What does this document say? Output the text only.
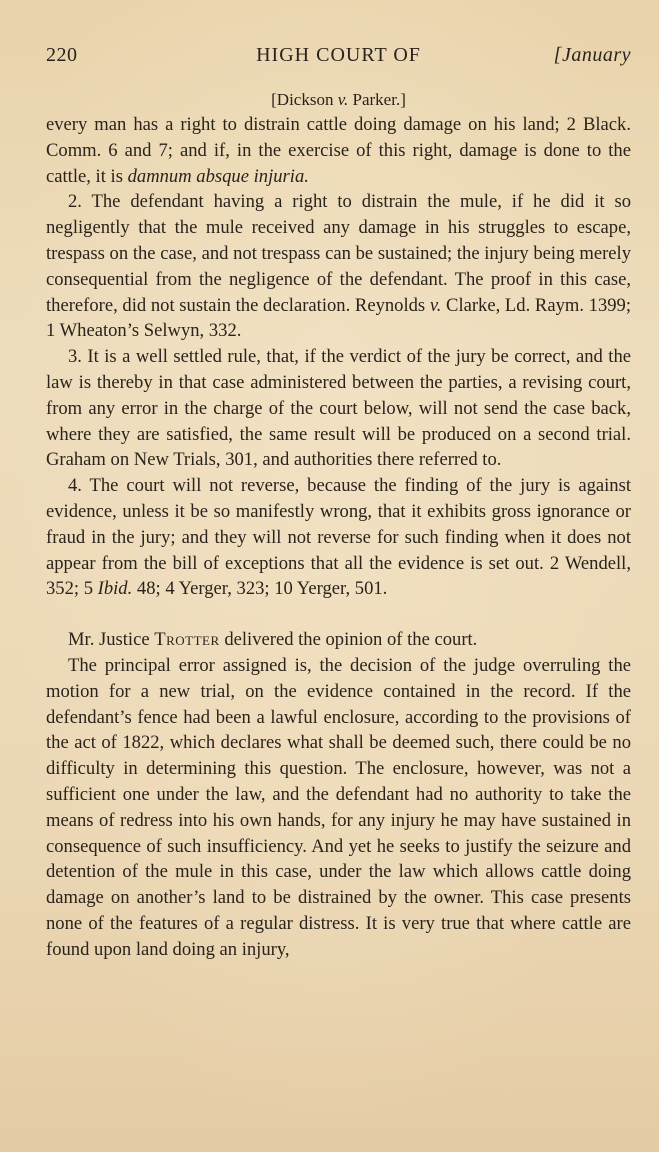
220	HIGH COURT OF	[January
[Dickson v. Parker.]

every man has a right to distrain cattle doing damage on his land; 2 Black. Comm. 6 and 7; and if, in the exercise of this right, damage is done to the cattle, it is damnum absque injuria.

2. The defendant having a right to distrain the mule, if he did it so negligently that the mule received any damage in his struggles to escape, trespass on the case, and not trespass can be sustained; the injury being merely consequential from the negligence of the defendant. The proof in this case, therefore, did not sustain the declaration. Reynolds v. Clarke, Ld. Raym. 1399; 1 Wheaton’s Selwyn, 332.

3. It is a well settled rule, that, if the verdict of the jury be correct, and the law is thereby in that case administered between the parties, a revising court, from any error in the charge of the court below, will not send the case back, where they are satisfied, the same result will be produced on a second trial. Graham on New Trials, 301, and authorities there referred to.

4. The court will not reverse, because the finding of the jury is against evidence, unless it be so manifestly wrong, that it exhibits gross ignorance or fraud in the jury; and they will not reverse for such finding when it does not appear from the bill of exceptions that all the evidence is set out. 2 Wendell, 352; 5 Ibid. 48; 4 Yerger, 323; 10 Yerger, 501.

Mr. Justice Trotter delivered the opinion of the court.

The principal error assigned is, the decision of the judge overruling the motion for a new trial, on the evidence contained in the record. If the defendant’s fence had been a lawful enclosure, according to the provisions of the act of 1822, which declares what shall be deemed such, there could be no difficulty in determining this question. The enclosure, however, was not a sufficient one under the law, and the defendant had no authority to take the means of redress into his own hands, for any injury he may have sustained in consequence of such insufficiency. And yet he seeks to justify the seizure and detention of the mule in this case, under the law which allows cattle doing damage on another’s land to be distrained by the owner. This case presents none of the features of a regular distress. It is very true that where cattle are found upon land doing an injury,
